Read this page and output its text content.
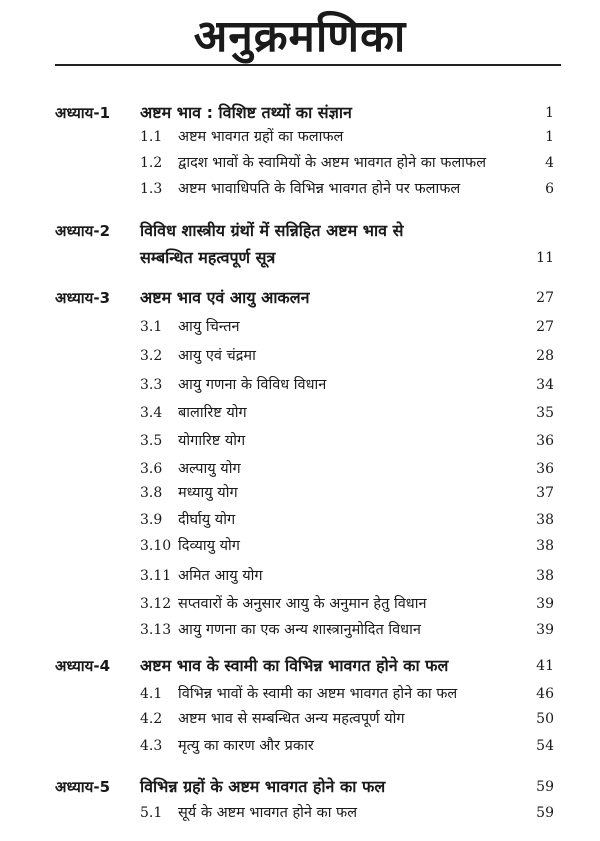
अनुक्रमणिका
अध्याय-1 अष्टम भाव : विशिष्ट तथ्यों का संज्ञान	1
1.1 अष्टम भावगत ग्रहों का फलाफल	1
1.2 द्वादश भावों के स्वामियों के अष्टम भावगत होने का फलाफल	4
1.3 अष्टम भावाधिपति के विभिन्न भावगत होने पर फलाफल	6
अध्याय-2 विविध शास्त्रीय ग्रंथों में सन्निहित अष्टम भाव से
सम्बन्धित महत्वपूर्ण सूत्र	11
अध्याय-3 अष्टम भाव एवं आयु आकलन	27
3.1 आयु चिन्तन	27
3.2 आयु एवं चंद्रमा	28
3.3 आयु गणना के विविध विधान	34
3.4 बालारिष्ट योग	35
3.5 योगारिष्ट योग	36
3.6 अल्पायु योग	36
3.8 मध्यायु योग	37
3.9 दीर्घायु योग	38
3.10 दिव्यायु योग	38
3.11 अमित आयु योग	38
3.12 सप्तवारों के अनुसार आयु के अनुमान हेतु विधान	39
3.13 आयु गणना का एक अन्य शास्त्रानुमोदित विधान	39
अध्याय-4 अष्टम भाव के स्वामी का विभिन्न भावगत होने का फल	41
4.1 विभिन्न भावों के स्वामी का अष्टम भावगत होने का फल	46
4.2 अष्टम भाव से सम्बन्धित अन्य महत्वपूर्ण योग	50
4.3 मृत्यु का कारण और प्रकार	54
अध्याय-5 विभिन्न ग्रहों के अष्टम भावगत होने का फल	59
5.1 सूर्य के अष्टम भावगत होने का फल	59
